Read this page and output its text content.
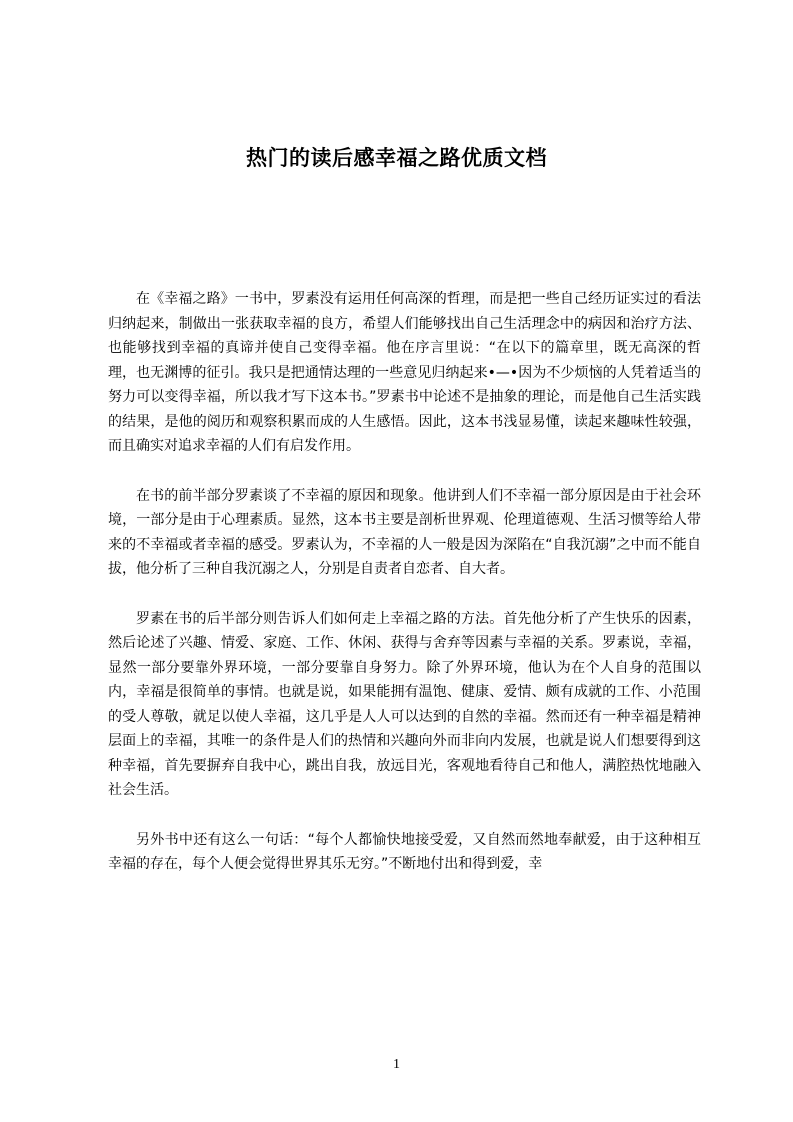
热门的读后感幸福之路优质文档

在《幸福之路》一书中，罗素没有运用任何高深的哲理，而是把一些自己经历证实过的看法归纳起来，制做出一张获取幸福的良方，希望人们能够找出自己生活理念中的病因和治疗方法、也能够找到幸福的真谛并使自己变得幸福。他在序言里说：“在以下的篇章里，既无高深的哲理，也无渊博的征引。我只是把通情达理的一些意见归纳起来•—•因为不少烦恼的人凭着适当的努力可以变得幸福，所以我才写下这本书。”罗素书中论述不是抽象的理论，而是他自己生活实践的结果，是他的阅历和观察积累而成的人生感悟。因此，这本书浅显易懂，读起来趣味性较强，而且确实对追求幸福的人们有启发作用。

在书的前半部分罗素谈了不幸福的原因和现象。他讲到人们不幸福一部分原因是由于社会环境，一部分是由于心理素质。显然，这本书主要是剖析世界观、伦理道德观、生活习惯等给人带来的不幸福或者幸福的感受。罗素认为，不幸福的人一般是因为深陷在“自我沉溺”之中而不能自拔，他分析了三种自我沉溺之人，分别是自责者自恋者、自大者。

罗素在书的后半部分则告诉人们如何走上幸福之路的方法。首先他分析了产生快乐的因素，然后论述了兴趣、情爱、家庭、工作、休闲、获得与舍弃等因素与幸福的关系。罗素说，幸福，显然一部分要靠外界环境，一部分要靠自身努力。除了外界环境，他认为在个人自身的范围以内，幸福是很简单的事情。也就是说，如果能拥有温饱、健康、爱情、颇有成就的工作、小范围的受人尊敬，就足以使人幸福，这几乎是人人可以达到的自然的幸福。然而还有一种幸福是精神层面上的幸福，其唯一的条件是人们的热情和兴趣向外而非向内发展，也就是说人们想要得到这种幸福，首先要摒弃自我中心，跳出自我，放远目光，客观地看待自己和他人，满腔热忱地融入社会生活。

另外书中还有这么一句话：“每个人都愉快地接受爱，又自然而然地奉献爱，由于这种相互幸福的存在，每个人便会觉得世界其乐无穷。”不断地付出和得到爱，幸

1
